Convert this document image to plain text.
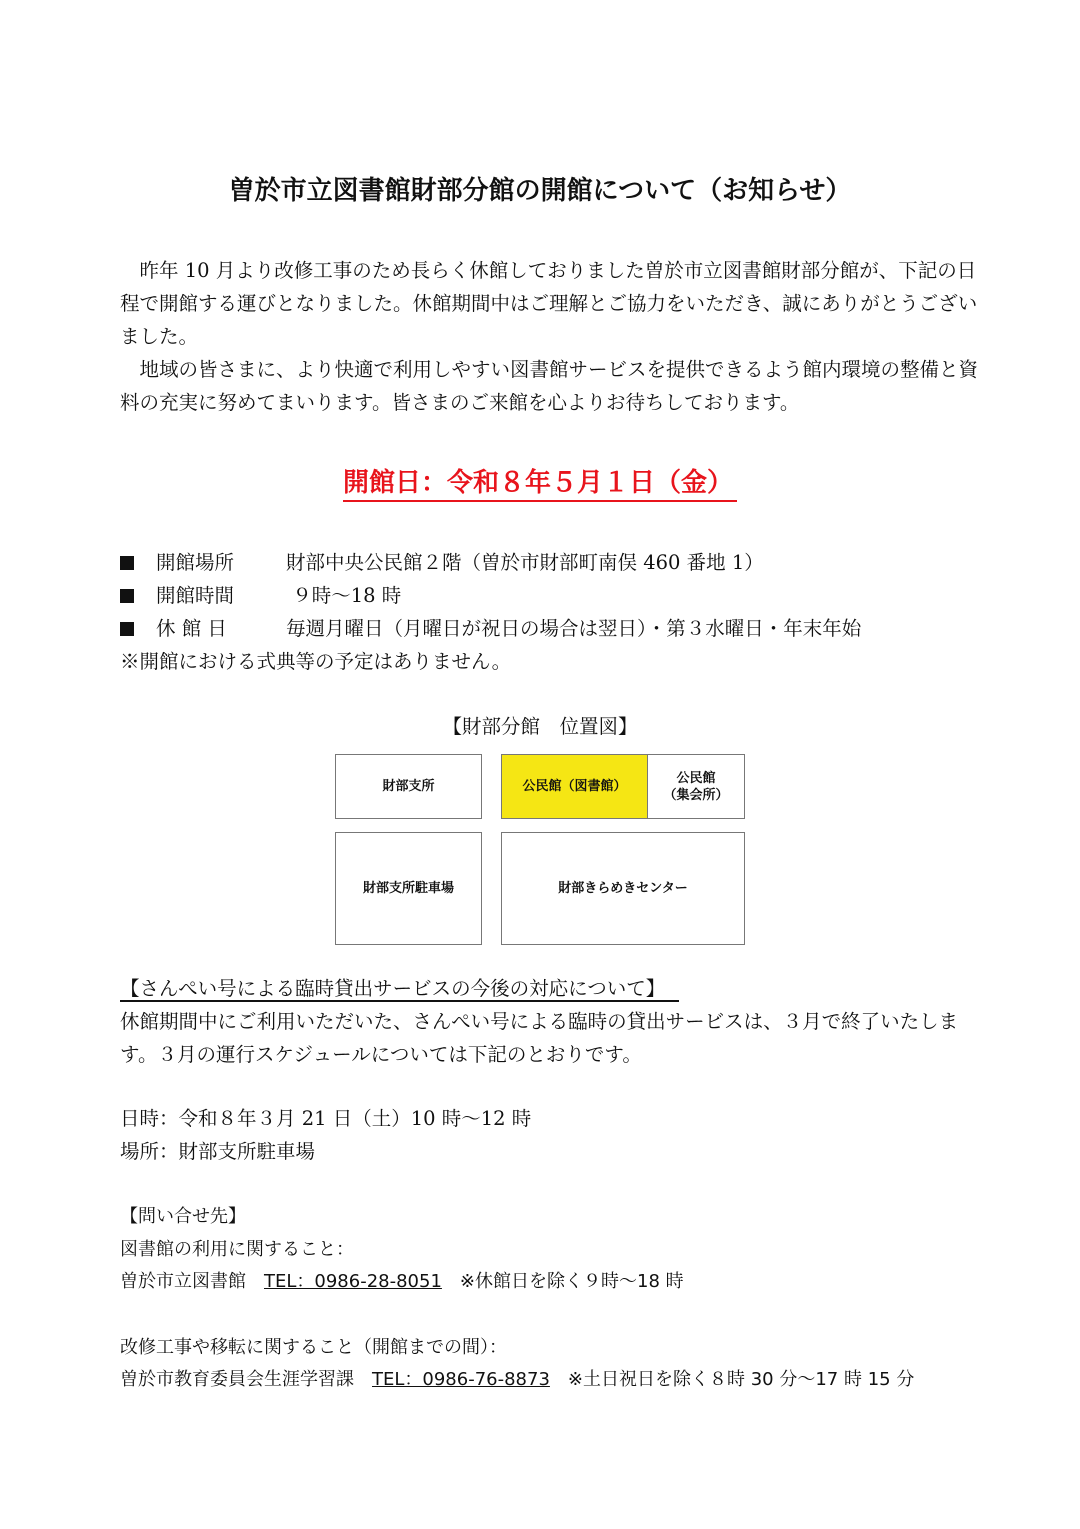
曽於市立図書館財部分館の開館について（お知らせ）
昨年 10 月より改修工事のため長らく休館しておりました曽於市立図書館財部分館が、下記の日程で開館する運びとなりました。休館期間中はご理解とご協力をいただき、誠にありがとうございました。
地域の皆さまに、より快適で利用しやすい図書館サービスを提供できるよう館内環境の整備と資料の充実に努めてまいります。皆さまのご来館を心よりお待ちしております。
開館日：令和８年５月１日（金）
開館場所	財部中央公民館２階（曽於市財部町南俣 460 番地 1）
開館時間	９時～18 時
休 館 日	毎週月曜日（月曜日が祝日の場合は翌日）・第３水曜日・年末年始
※開館における式典等の予定はありません。
【財部分館　位置図】
財部支所	公民館（図書館）
公民館
（集会所）
財部支所駐車場	財部きらめきセンター
【さんぺい号による臨時貸出サービスの今後の対応について】
休館期間中にご利用いただいた、さんぺい号による臨時の貸出サービスは、３月で終了いたします。３月の運行スケジュールについては下記のとおりです。
日時：令和８年３月 21 日（土）10 時～12 時
場所：財部支所駐車場
【問い合せ先】
図書館の利用に関すること：
曽於市立図書館　TEL：0986-28-8051　※休館日を除く９時～18 時
改修工事や移転に関すること（開館までの間）：
曽於市教育委員会生涯学習課　TEL：0986-76-8873　※土日祝日を除く８時 30 分～17 時 15 分
